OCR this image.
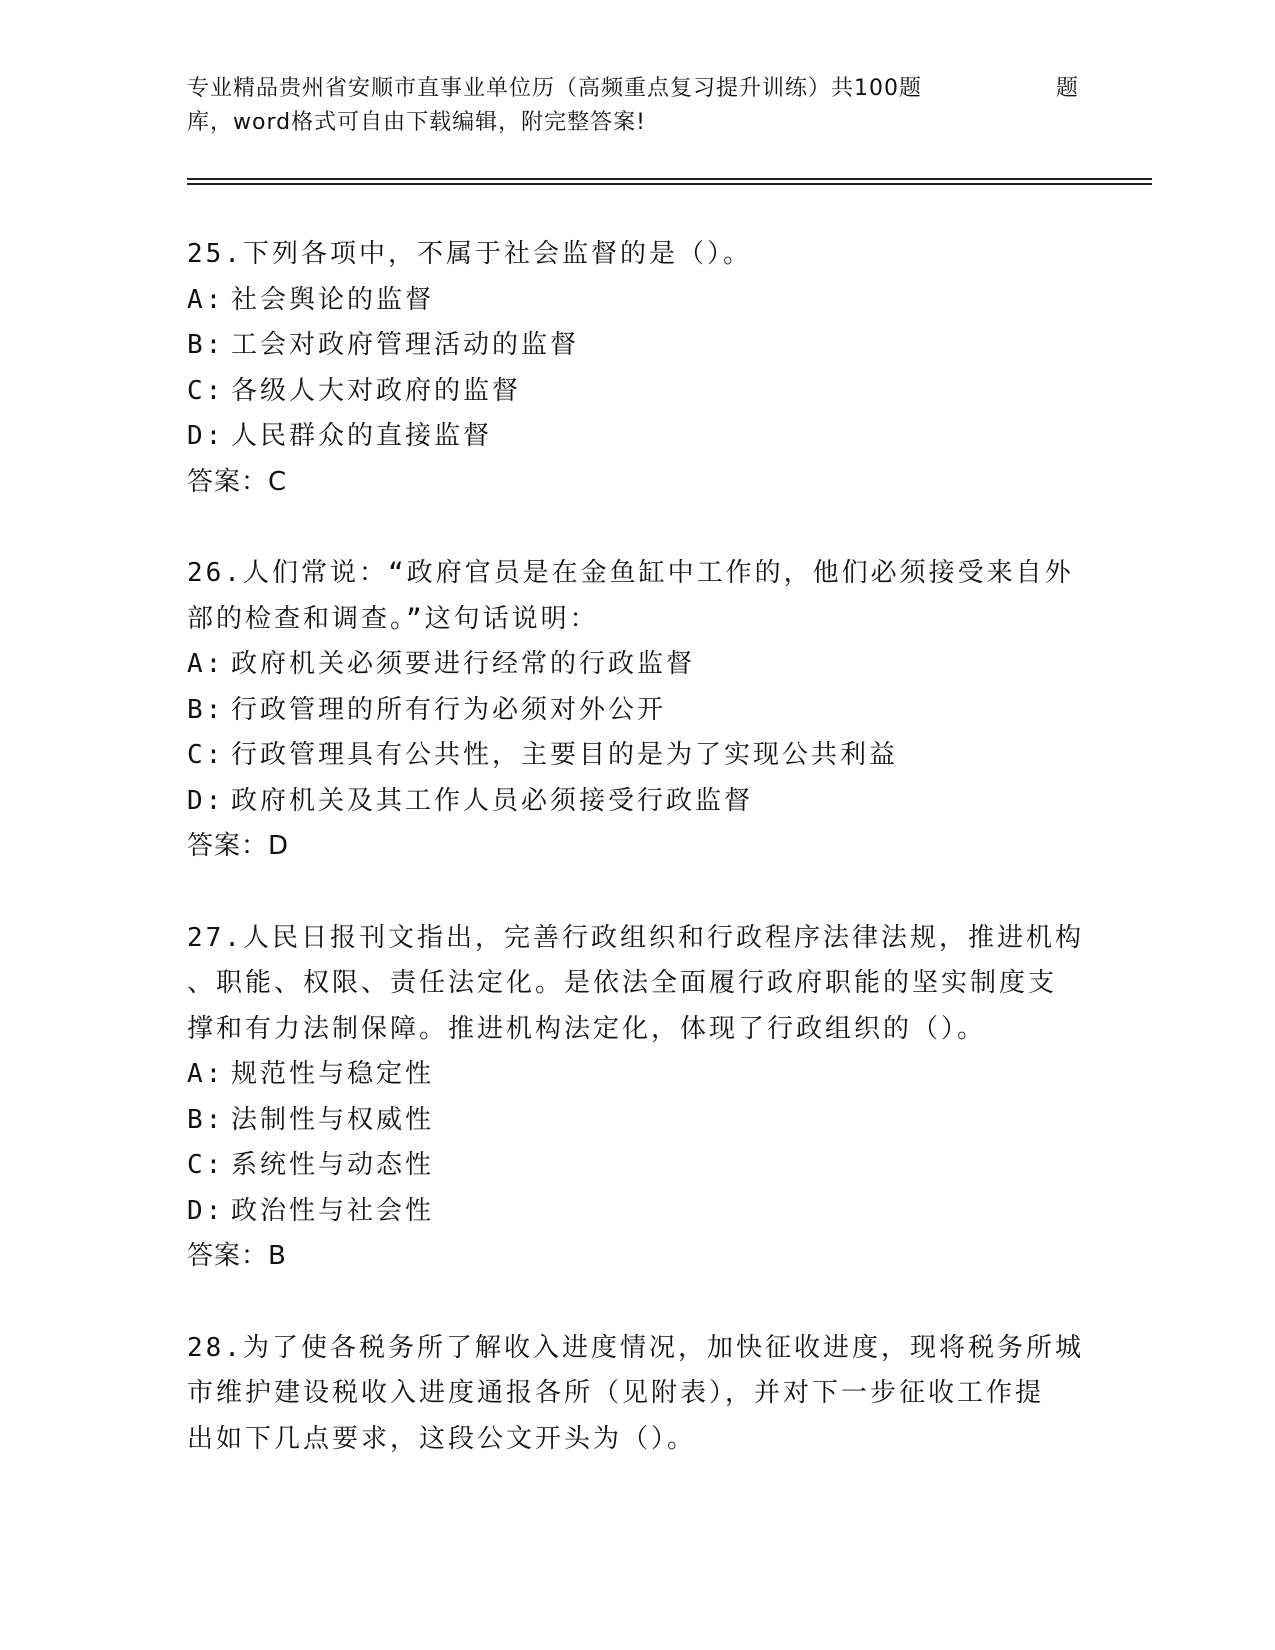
专业精品贵州省安顺市直事业单位历（高频重点复习提升训练）共100题	题
库，word格式可自由下载编辑，附完整答案!
25.下列各项中，不属于社会监督的是（）。
A: 社会舆论的监督
B: 工会对政府管理活动的监督
C: 各级人大对政府的监督
D: 人民群众的直接监督
答案：C
26.人们常说：“政府官员是在金鱼缸中工作的，他们必须接受来自外
部的检查和调查。”这句话说明：
A: 政府机关必须要进行经常的行政监督
B: 行政管理的所有行为必须对外公开
C: 行政管理具有公共性，主要目的是为了实现公共利益
D: 政府机关及其工作人员必须接受行政监督
答案：D
27.人民日报刊文指出，完善行政组织和行政程序法律法规，推进机构
、职能、权限、责任法定化。是依法全面履行政府职能的坚实制度支
撑和有力法制保障。推进机构法定化，体现了行政组织的（）。
A: 规范性与稳定性
B: 法制性与权威性
C: 系统性与动态性
D: 政治性与社会性
答案：B
28.为了使各税务所了解收入进度情况，加快征收进度，现将税务所城
市维护建设税收入进度通报各所（见附表），并对下一步征收工作提
出如下几点要求，这段公文开头为（）。
